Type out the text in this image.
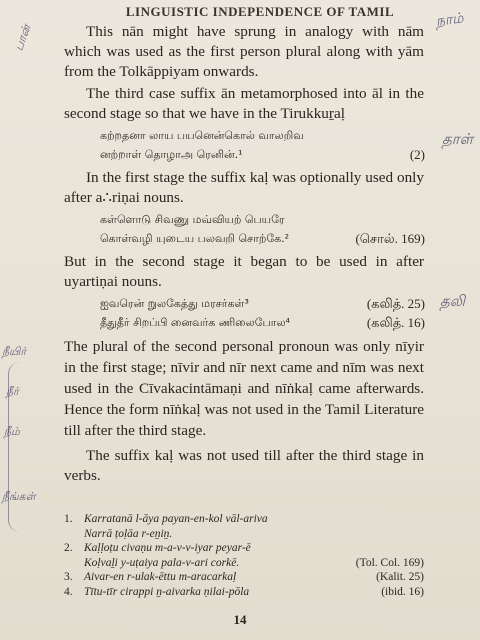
LINGUISTIC INDEPENDENCE OF TAMIL

This nān might have sprung in analogy with nām which was used as the first person plural along with yām from the Tolkāppiyam onwards.

The third case suffix ān metamorphosed into āl in the second stage so that we have in the Tirukkuṟaḷ

கற்றதனா லாய பயனென்கொல் வாலறிவ
னற்றாள் தொழாஅ ரெனின்.¹	(2)

In the first stage the suffix kaḷ was optionally used only after a∴riṇai nouns.

கள்ளொடு சிவணு மவ்வியற் பெயரே
கொள்வழி யுடைய பலவறி சொற்கே.²	(சொல். 169)

But in the second stage it began to be used in after uyartiṇai nouns.

ஐவரென் றுலகேத்து மரசர்கள்³	(கலித். 25)
தீதுதீர் சிறப்பி னைவர்க ணிலைபோல⁴	(கலித். 16)

The plural of the second personal pronoun was only nīyir in the first stage; nīvir and nīr next came and nīm was next used in the Cīvakacintāmaṇi and nīṅkaḷ came afterwards. Hence the form nīṅkaḷ was not used in the Tamil Literature till after the third stage.

The suffix kaḷ was not used till after the third stage in verbs.

1. Karratanā l-āya payan-en-kol vāl-ariva
Narrā ṭoḷāa r-eṉiṉ.
2. Kaḷḷoṭu civaṇu m-a-v-v-iyar peyar-ē
Koḷvaḻi y-uṭaiya pala-v-ari corkē.	(Tol. Col. 169)
3. Aivar-en r-ulak-ēttu m-aracarkaḷ	(Kalit. 25)
4. Tītu-tīr cirappi ṉ-aivarka ṇilai-pōla	(ibid. 16)
14
பான்
நாம்
தாள்
தலி
நீயிர்
நீர்
நீம்
நீங்கள்
